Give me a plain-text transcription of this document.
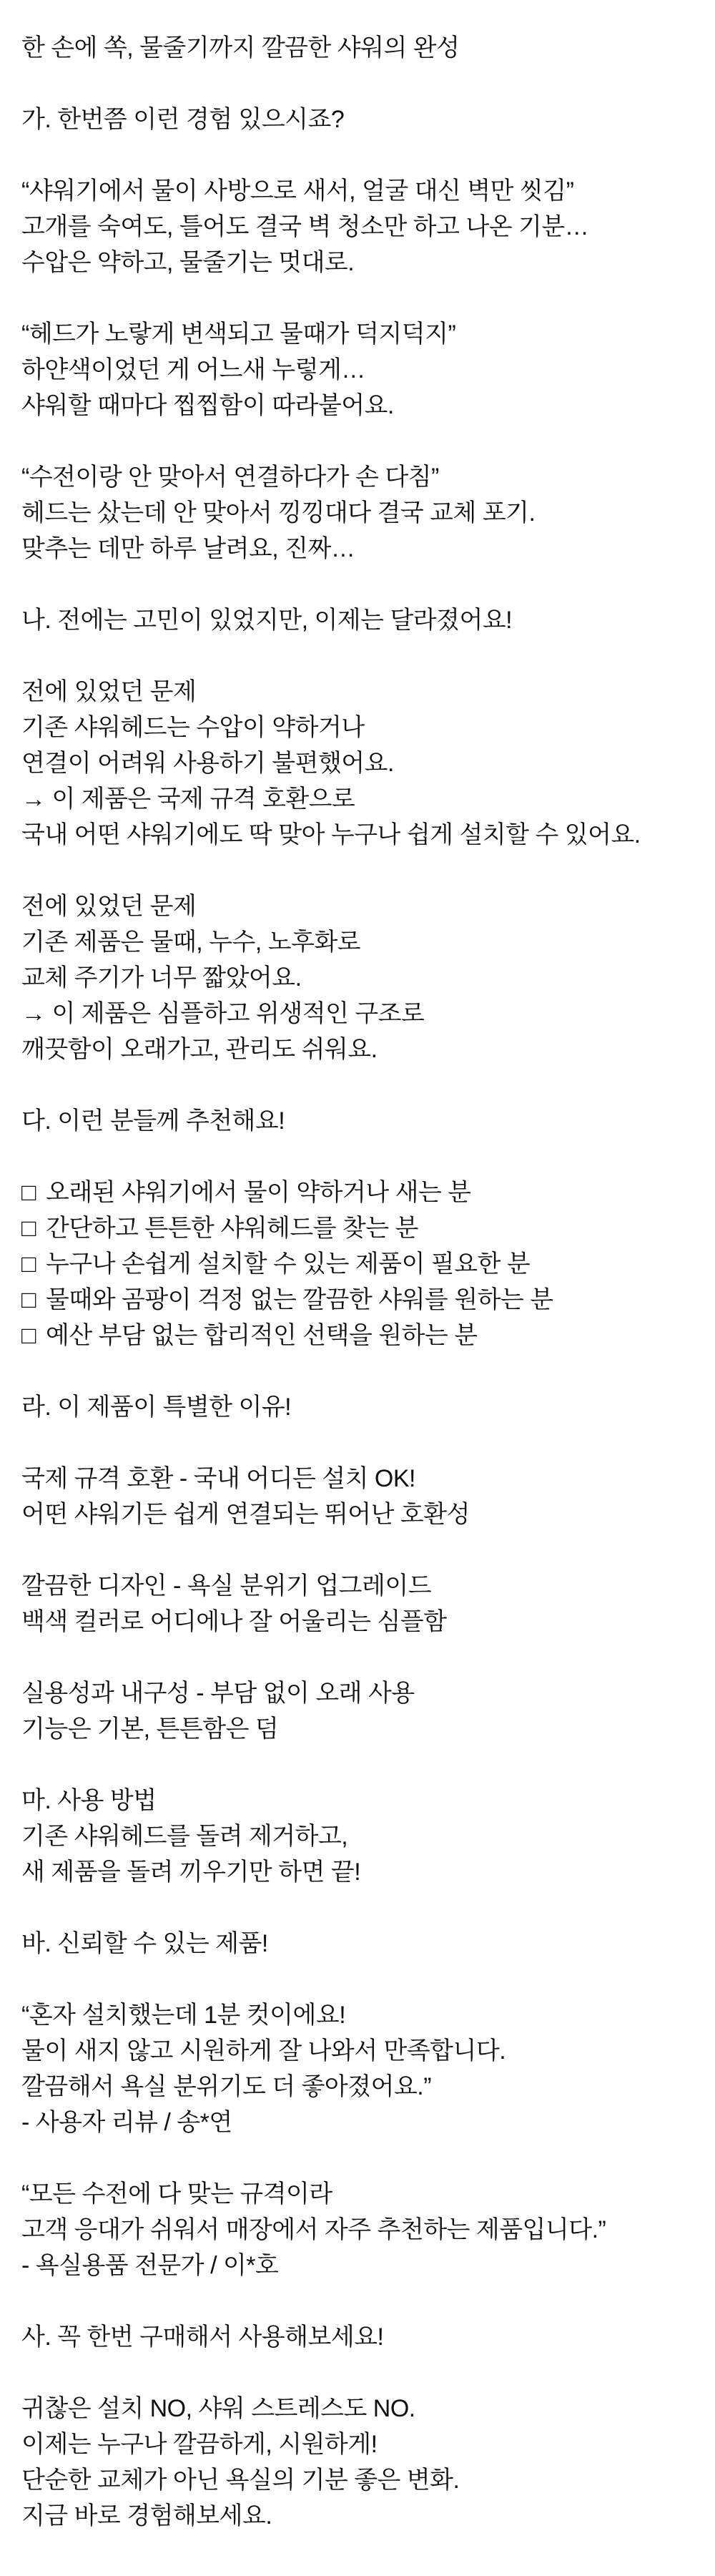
한 손에 쏙, 물줄기까지 깔끔한 샤워의 완성

가. 한번쯤 이런 경험 있으시죠?

“샤워기에서 물이 사방으로 새서, 얼굴 대신 벽만 씻김”

고개를 숙여도, 틀어도 결국 벽 청소만 하고 나온 기분…

수압은 약하고, 물줄기는 멋대로.

“헤드가 노랗게 변색되고 물때가 덕지덕지”

하얀색이었던 게 어느새 누렇게…

샤워할 때마다 찝찝함이 따라붙어요.

“수전이랑 안 맞아서 연결하다가 손 다침”

헤드는 샀는데 안 맞아서 낑낑대다 결국 교체 포기.

맞추는 데만 하루 날려요, 진짜…

나. 전에는 고민이 있었지만, 이제는 달라졌어요!

전에 있었던 문제

기존 샤워헤드는 수압이 약하거나

연결이 어려워 사용하기 불편했어요.

→ 이 제품은 국제 규격 호환으로

국내 어떤 샤워기에도 딱 맞아 누구나 쉽게 설치할 수 있어요.

전에 있었던 문제

기존 제품은 물때, 누수, 노후화로

교체 주기가 너무 짧았어요.

→ 이 제품은 심플하고 위생적인 구조로

깨끗함이 오래가고, 관리도 쉬워요.

다. 이런 분들께 추천해요!

□ 오래된 샤워기에서 물이 약하거나 새는 분

□ 간단하고 튼튼한 샤워헤드를 찾는 분

□ 누구나 손쉽게 설치할 수 있는 제품이 필요한 분

□ 물때와 곰팡이 걱정 없는 깔끔한 샤워를 원하는 분

□ 예산 부담 없는 합리적인 선택을 원하는 분

라. 이 제품이 특별한 이유!

국제 규격 호환 - 국내 어디든 설치 OK!

어떤 샤워기든 쉽게 연결되는 뛰어난 호환성

깔끔한 디자인 - 욕실 분위기 업그레이드

백색 컬러로 어디에나 잘 어울리는 심플함

실용성과 내구성 - 부담 없이 오래 사용

기능은 기본, 튼튼함은 덤

마. 사용 방법

기존 샤워헤드를 돌려 제거하고,

새 제품을 돌려 끼우기만 하면 끝!

바. 신뢰할 수 있는 제품!

“혼자 설치했는데 1분 컷이에요!

물이 새지 않고 시원하게 잘 나와서 만족합니다.

깔끔해서 욕실 분위기도 더 좋아졌어요.”

- 사용자 리뷰 / 송*연

“모든 수전에 다 맞는 규격이라

고객 응대가 쉬워서 매장에서 자주 추천하는 제품입니다.”

- 욕실용품 전문가 / 이*호

사. 꼭 한번 구매해서 사용해보세요!

귀찮은 설치 NO, 샤워 스트레스도 NO.

이제는 누구나 깔끔하게, 시원하게!

단순한 교체가 아닌 욕실의 기분 좋은 변화.

지금 바로 경험해보세요.
